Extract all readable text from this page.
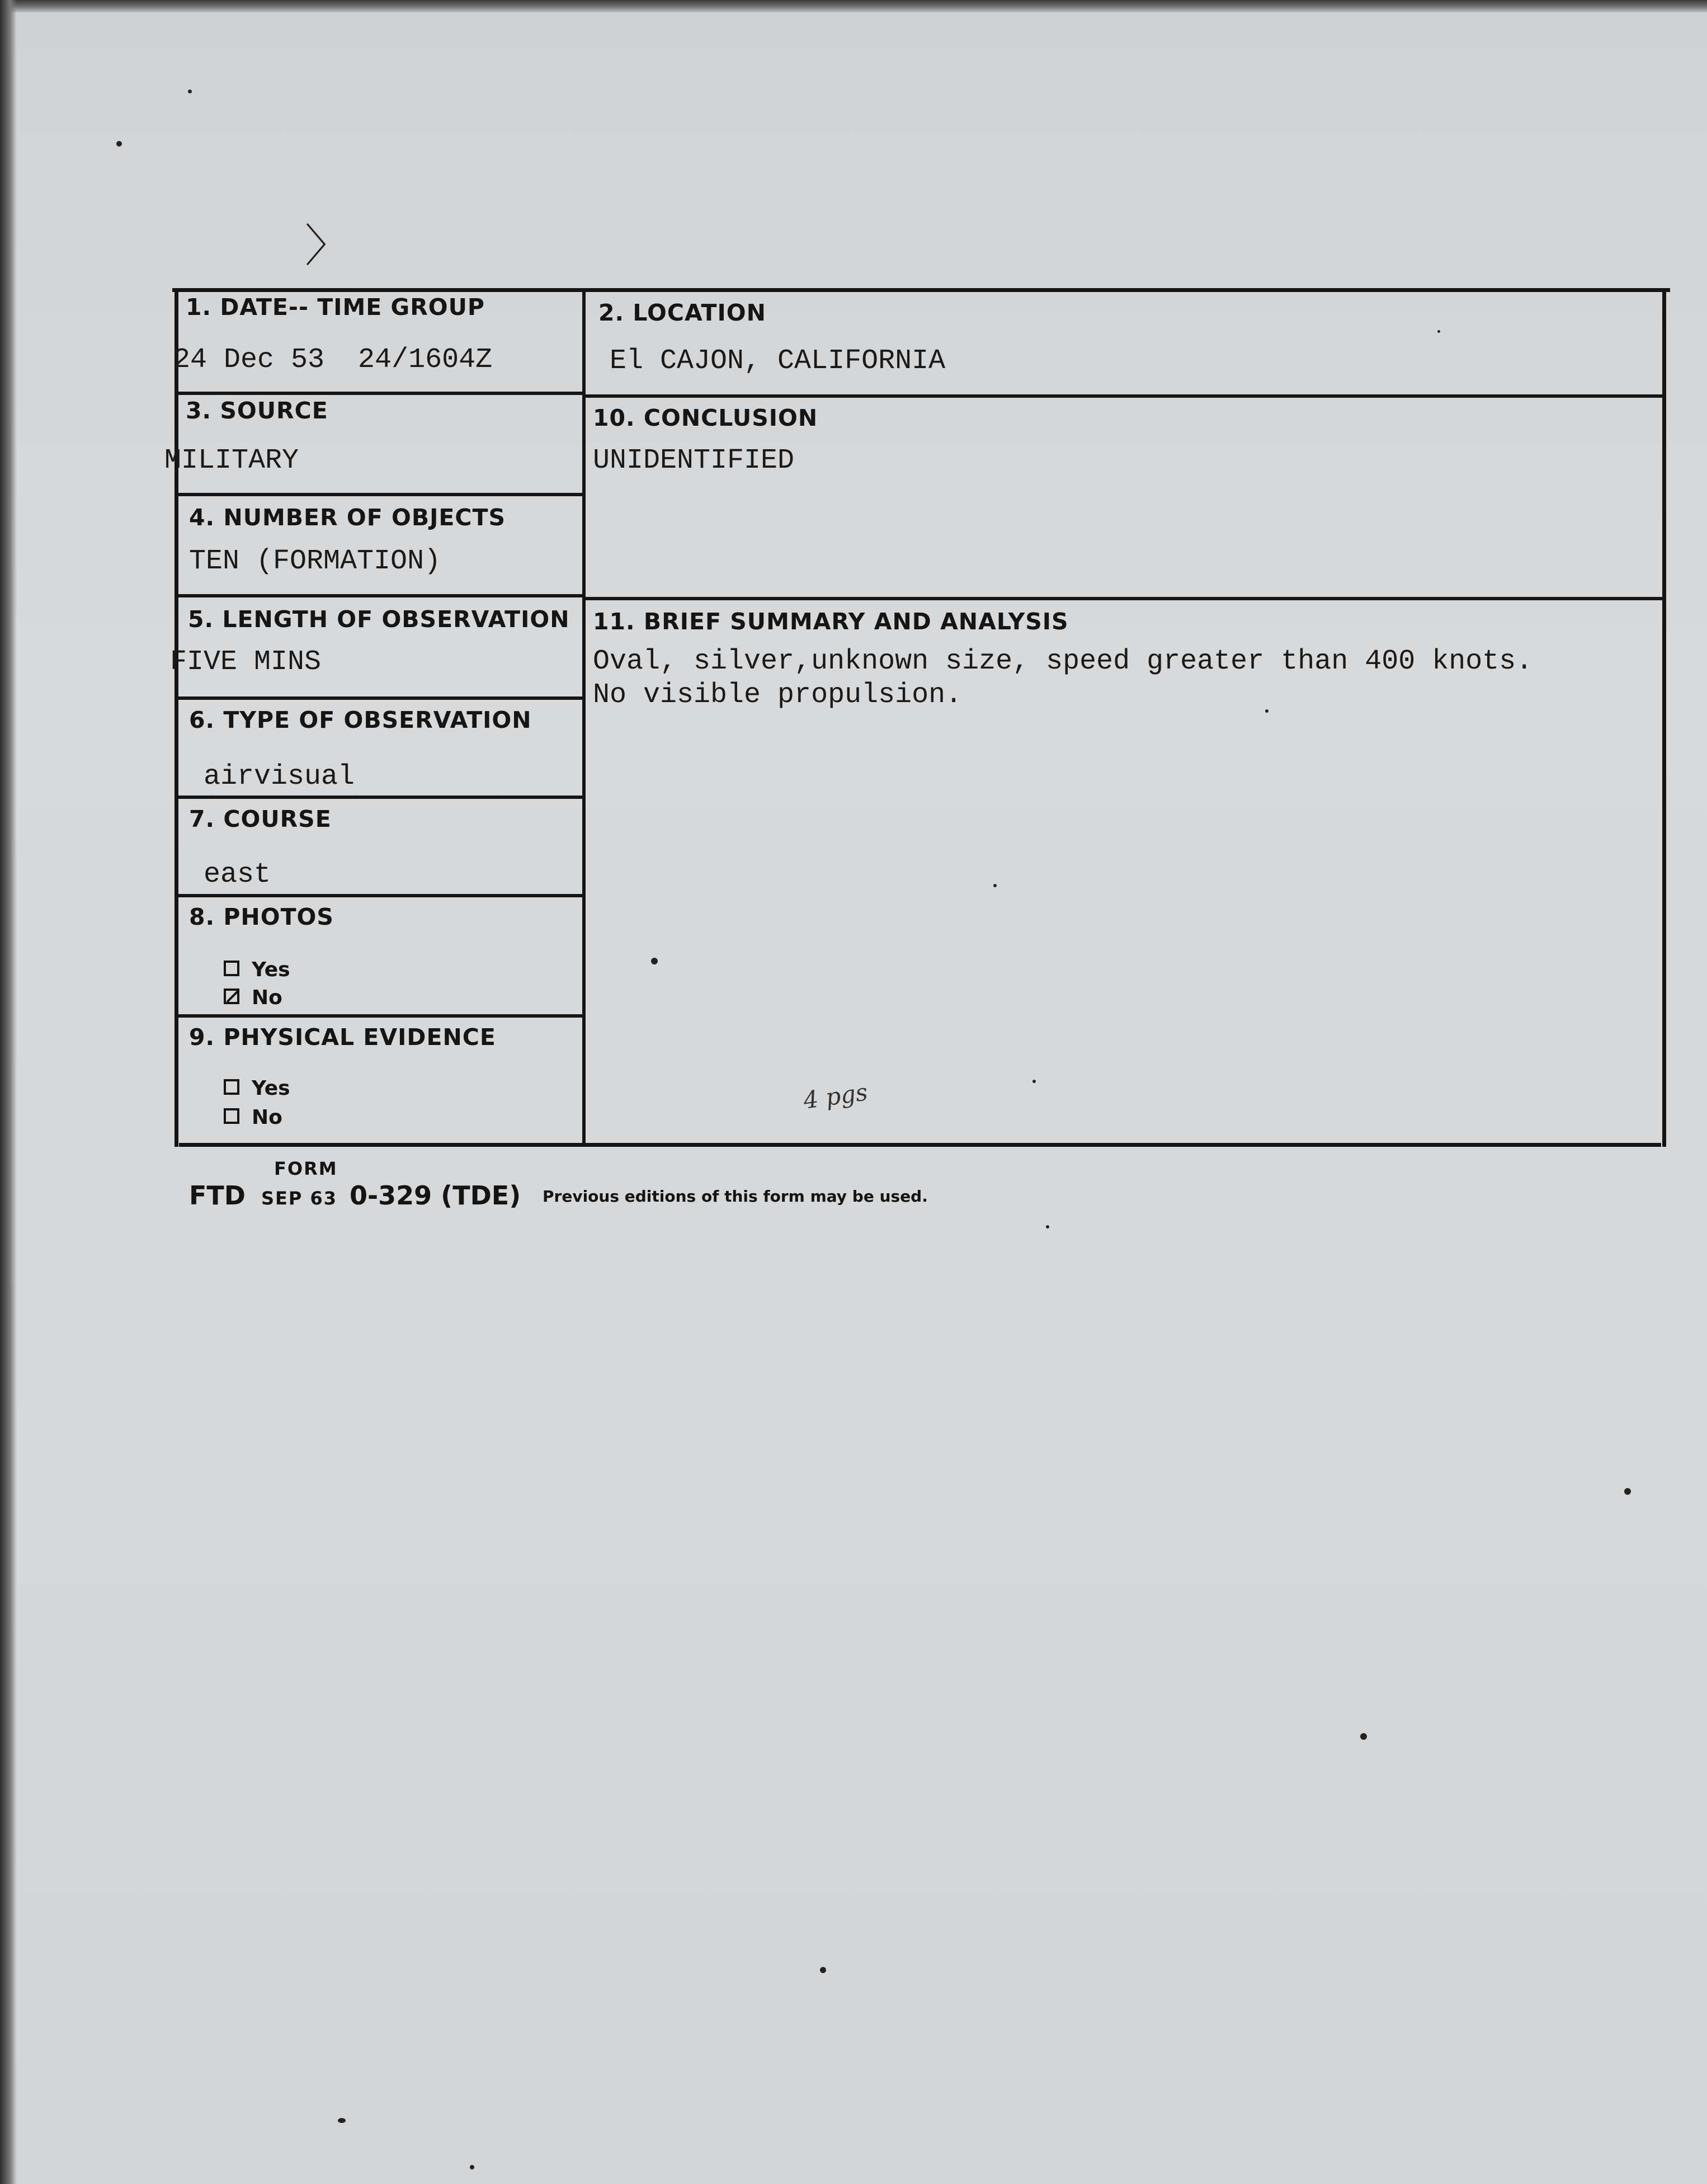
〉
1. DATE-- TIME GROUP
24 Dec 53  24/1604Z
2. LOCATION
El CAJON, CALIFORNIA
3. SOURCE
MILITARY
10. CONCLUSION
UNIDENTIFIED
4. NUMBER OF OBJECTS
TEN (FORMATION)
5. LENGTH OF OBSERVATION
FIVE MINS
11. BRIEF SUMMARY AND ANALYSIS
Oval, silver,unknown size, speed greater than 400 knots.
No visible propulsion.
6. TYPE OF OBSERVATION
airvisual
7. COURSE
east
8. PHOTOS
Yes
No
9. PHYSICAL EVIDENCE
Yes
No
4 pgs
FORM
FTD SEP 63 0-329 (TDE) Previous editions of this form may be used.
